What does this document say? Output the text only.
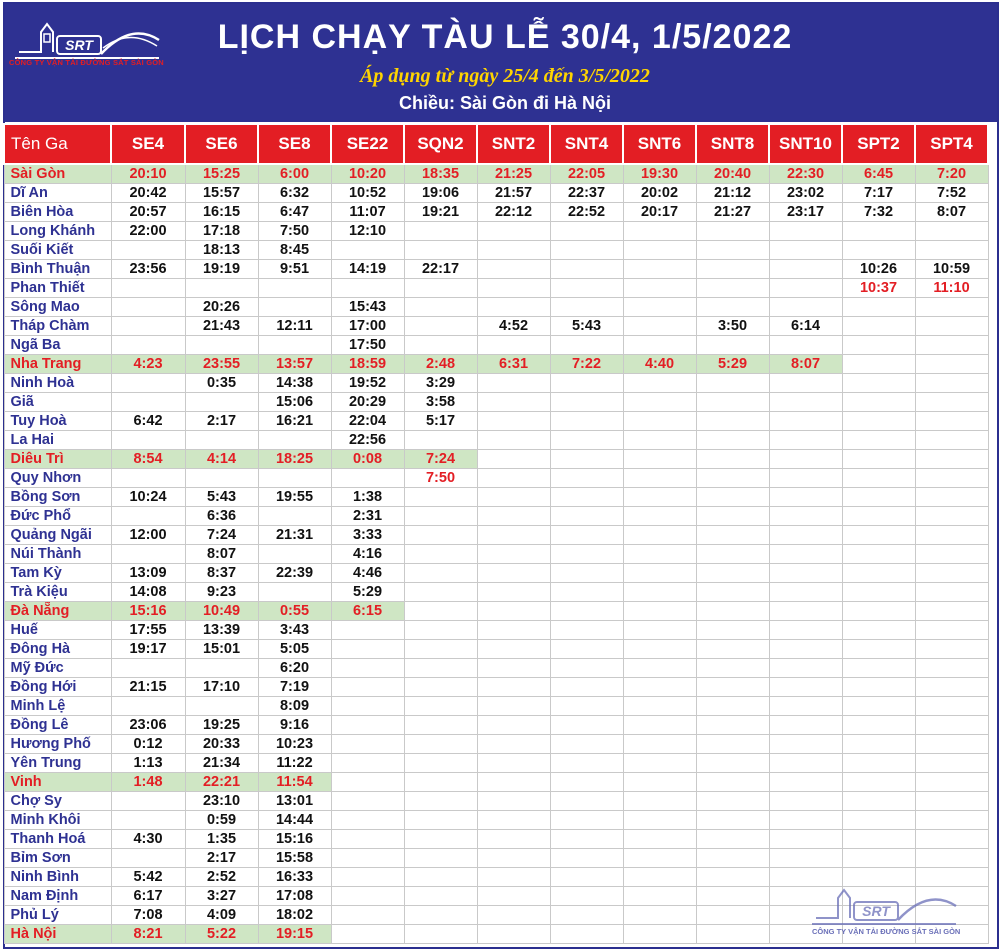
SRT
CÔNG TY VẬN TẢI ĐƯỜNG SẮT SÀI GÒN
LỊCH CHẠY TÀU LỄ 30/4, 1/5/2022
Áp dụng từ ngày 25/4 đến 3/5/2022
Chiều: Sài Gòn đi Hà Nội
Tên Ga	SE4	SE6	SE8	SE22	SQN2	SNT2	SNT4	SNT6	SNT8	SNT10	SPT2	SPT4
Sài Gòn	20:10	15:25	6:00	10:20	18:35	21:25	22:05	19:30	20:40	22:30	6:45	7:20
Dĩ An	20:42	15:57	6:32	10:52	19:06	21:57	22:37	20:02	21:12	23:02	7:17	7:52
Biên Hòa	20:57	16:15	6:47	11:07	19:21	22:12	22:52	20:17	21:27	23:17	7:32	8:07
Long Khánh	22:00	17:18	7:50	12:10								
Suối Kiết		18:13	8:45									
Bình Thuận	23:56	19:19	9:51	14:19	22:17						10:26	10:59
Phan Thiết											10:37	11:10
Sông Mao		20:26		15:43								
Tháp Chàm		21:43	12:11	17:00		4:52	5:43		3:50	6:14		
Ngã Ba				17:50								
Nha Trang	4:23	23:55	13:57	18:59	2:48	6:31	7:22	4:40	5:29	8:07		
Ninh Hoà		0:35	14:38	19:52	3:29							
Giã			15:06	20:29	3:58							
Tuy Hoà	6:42	2:17	16:21	22:04	5:17							
La Hai				22:56								
Diêu Trì	8:54	4:14	18:25	0:08	7:24							
Quy Nhơn					7:50							
Bồng Sơn	10:24	5:43	19:55	1:38								
Đức Phổ		6:36		2:31								
Quảng Ngãi	12:00	7:24	21:31	3:33								
Núi Thành		8:07		4:16								
Tam Kỳ	13:09	8:37	22:39	4:46								
Trà Kiệu	14:08	9:23		5:29								
Đà Nẵng	15:16	10:49	0:55	6:15								
Huế	17:55	13:39	3:43									
Đông Hà	19:17	15:01	5:05									
Mỹ Đức			6:20									
Đồng Hới	21:15	17:10	7:19									
Minh Lệ			8:09									
Đồng Lê	23:06	19:25	9:16									
Hương Phố	0:12	20:33	10:23									
Yên Trung	1:13	21:34	11:22									
Vinh	1:48	22:21	11:54									
Chợ Sy		23:10	13:01									
Minh Khôi		0:59	14:44									
Thanh Hoá	4:30	1:35	15:16									
Bỉm Sơn		2:17	15:58									
Ninh Bình	5:42	2:52	16:33									
Nam Định	6:17	3:27	17:08									
Phủ Lý	7:08	4:09	18:02									
Hà Nội	8:21	5:22	19:15									
SRT
CÔNG TY VẬN TẢI ĐƯỜNG SẮT SÀI GÒN
